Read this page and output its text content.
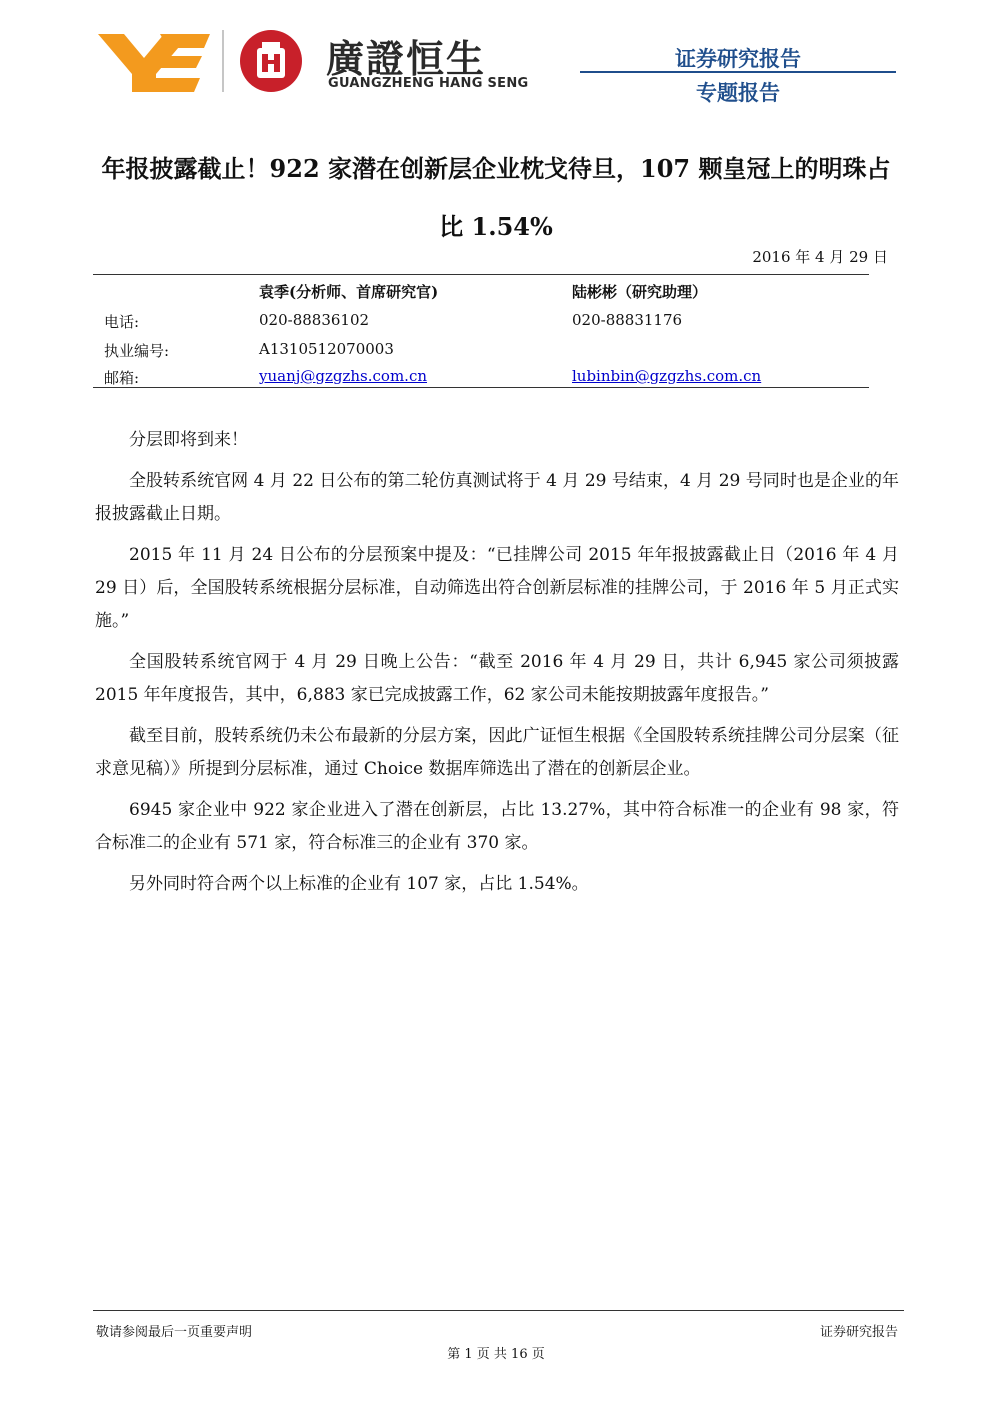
廣證恒生
GUANGZHENG HANG SENG
证券研究报告
专题报告
年报披露截止！922 家潜在创新层企业枕戈待旦，107 颗皇冠上的明珠占比 1.54%
2016 年 4 月 29 日
袁季(分析师、首席研究官)	陆彬彬（研究助理）
电话:	020-88836102	020-88831176
执业编号:	A1310512070003
邮箱:	yuanj@gzgzhs.com.cn	lubinbin@gzgzhs.com.cn

分层即将到来！

全股转系统官网 4 月 22 日公布的第二轮仿真测试将于 4 月 29 号结束，4 月 29 号同时也是企业的年报披露截止日期。

2015 年 11 月 24 日公布的分层预案中提及：“已挂牌公司 2015 年年报披露截止日（2016 年 4 月 29 日）后，全国股转系统根据分层标准，自动筛选出符合创新层标准的挂牌公司，于 2016 年 5 月正式实施。”

全国股转系统官网于 4 月 29 日晚上公告：“截至 2016 年 4 月 29 日，共计 6,945 家公司须披露 2015 年年度报告，其中，6,883 家已完成披露工作，62 家公司未能按期披露年度报告。”

截至目前，股转系统仍未公布最新的分层方案，因此广证恒生根据《全国股转系统挂牌公司分层案（征求意见稿）》所提到分层标准，通过 Choice 数据库筛选出了潜在的创新层企业。

6945 家企业中 922 家企业进入了潜在创新层，占比 13.27%，其中符合标准一的企业有 98 家，符合标准二的企业有 571 家，符合标准三的企业有 370 家。

另外同时符合两个以上标准的企业有 107 家，占比 1.54%。

敬请参阅最后一页重要声明	证券研究报告
第 1 页 共 16 页
